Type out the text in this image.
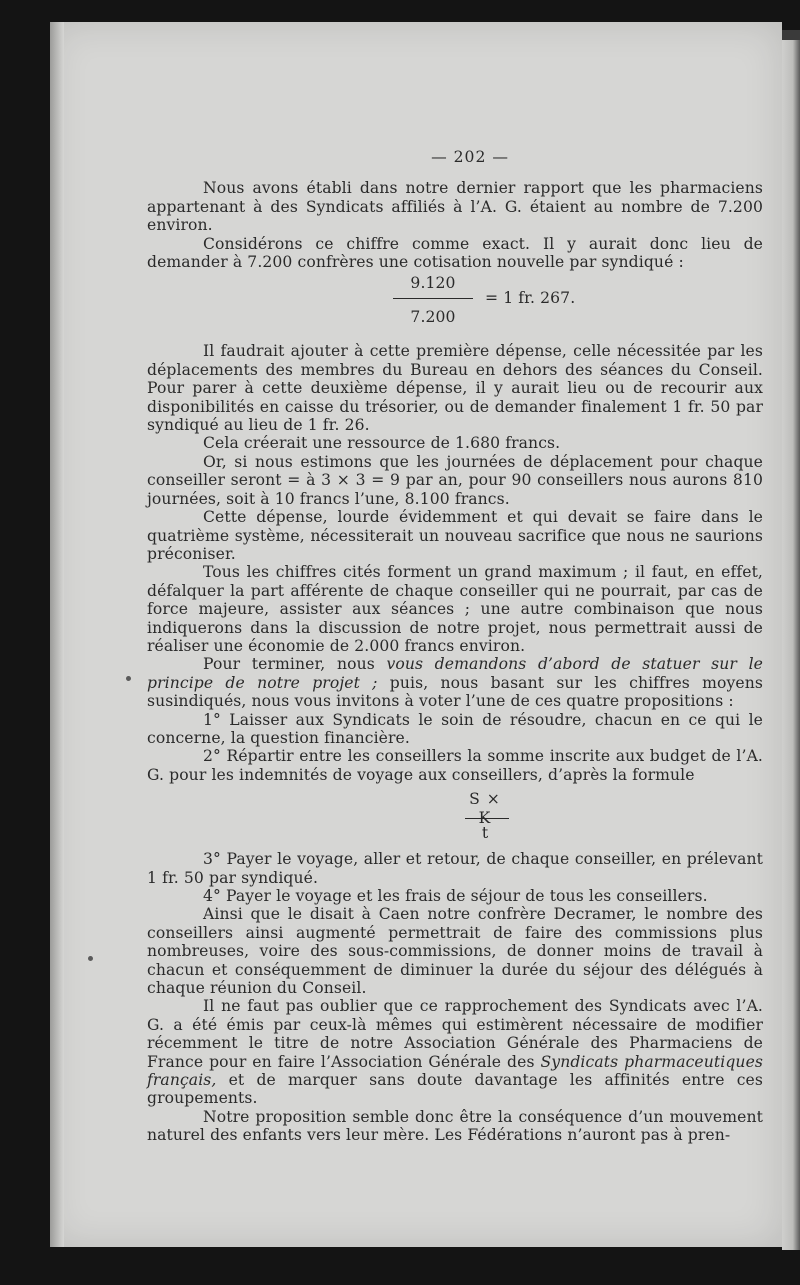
— 202 —

Nous avons établi dans notre dernier rapport que les pharmaciens appartenant à des Syndicats affiliés à l’A. G. étaient au nombre de 7.200 environ.

Considérons ce chiffre comme exact. Il y aurait donc lieu de demander à 7.200 confrères une cotisation nouvelle par syndiqué :

9.120
7.200
= 1 fr. 267.

Il faudrait ajouter à cette première dépense, celle nécessitée par les déplacements des membres du Bureau en dehors des séances du Conseil. Pour parer à cette deuxième dépense, il y aurait lieu ou de recourir aux disponibilités en caisse du trésorier, ou de demander finalement 1 fr. 50 par syndiqué au lieu de 1 fr. 26.

Cela créerait une ressource de 1.680 francs.

Or, si nous estimons que les journées de déplacement pour chaque conseiller seront = à 3 × 3 = 9 par an, pour 90 conseillers nous aurons 810 journées, soit à 10 francs l’une, 8.100 francs.

Cette dépense, lourde évidemment et qui devait se faire dans le quatrième système, nécessiterait un nouveau sacrifice que nous ne saurions préconiser.

Tous les chiffres cités forment un grand maximum ; il faut, en effet, défalquer la part afférente de chaque conseiller qui ne pourrait, par cas de force majeure, assister aux séances ; une autre combinaison que nous indiquerons dans la discussion de notre projet, nous permettrait aussi de réaliser une économie de 2.000 francs environ.

Pour terminer, nous vous demandons d’abord de statuer sur le principe de notre projet ; puis, nous basant sur les chiffres moyens susindiqués, nous vous invitons à voter l’une de ces quatre propositions :

1° Laisser aux Syndicats le soin de résoudre, chacun en ce qui le concerne, la question financière.

2° Répartir entre les conseillers la somme inscrite aux budget de l’A. G. pour les indemnités de voyage aux conseillers, d’après la formule

S × K
t

3° Payer le voyage, aller et retour, de chaque conseiller, en prélevant 1 fr. 50 par syndiqué.

4° Payer le voyage et les frais de séjour de tous les conseillers.

Ainsi que le disait à Caen notre confrère Decramer, le nombre des conseillers ainsi augmenté permettrait de faire des commissions plus nombreuses, voire des sous-commissions, de donner moins de travail à chacun et conséquemment de diminuer la durée du séjour des délégués à chaque réunion du Conseil.

Il ne faut pas oublier que ce rapprochement des Syndicats avec l’A. G. a été émis par ceux-là mêmes qui estimèrent nécessaire de modifier récemment le titre de notre Association Générale des Pharmaciens de France pour en faire l’Association Générale des Syndicats pharmaceutiques français, et de marquer sans doute davantage les affinités entre ces groupements.

Notre proposition semble donc être la conséquence d’un mouvement naturel des enfants vers leur mère. Les Fédérations n’auront pas à pren-
